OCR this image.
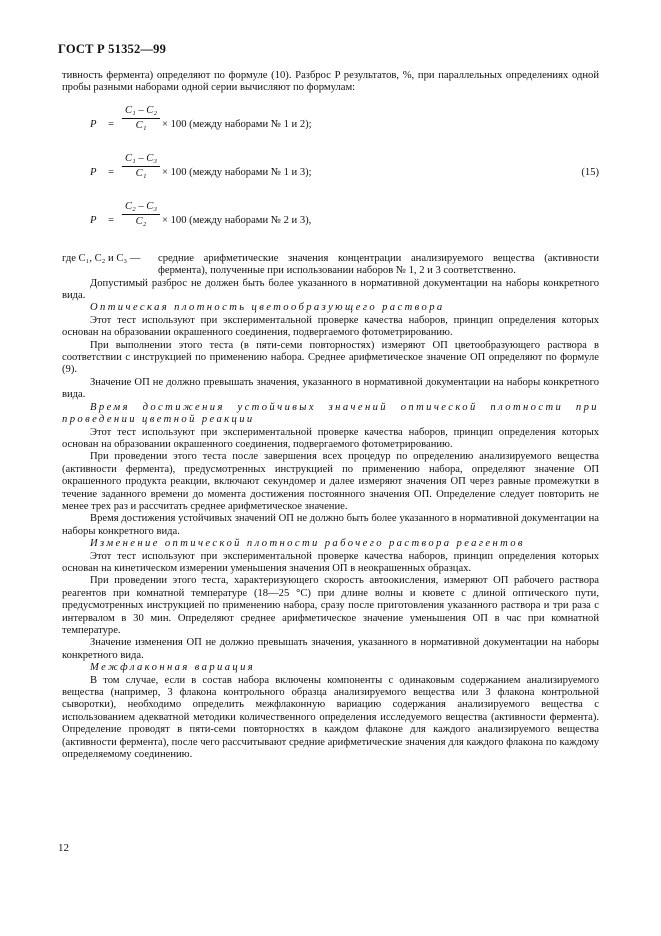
ГОСТ Р 51352—99

тивность фермента) определяют по формуле (10). Разброс P результатов, %, при параллельных определениях одной пробы разными наборами одной серии вычисляют по формулам:

$P = \frac{\text{C₁ – C₂}}{\text{C₁}} \times 100$ (между наборами № 1 и 2);
$P = \frac{\text{C₁ – C₃}}{\text{C₁}} \times 100$ (между наборами № 1 и 3);	(15)
$P = \frac{\text{C₂ – C₃}}{\text{C₂}} \times 100$ (между наборами № 2 и 3),
где C₁, C₂ и C₃ — средние арифметические значения концентрации анализируемого вещества (активности фермента), полученные при использовании наборов № 1, 2 и 3 соответственно.

Допустимый разброс не должен быть более указанного в нормативной документации на наборы конкретного вида.

Оптическая плотность цветообразующего раствора

Этот тест используют при экспериментальной проверке качества наборов, принцип определения которых основан на образовании окрашенного соединения, подвергаемого фотометрированию.

При выполнении этого теста (в пяти-семи повторностях) измеряют ОП цветообразующего раствора в соответствии с инструкцией по применению набора. Среднее арифметическое значение ОП определяют по формуле (9).

Значение ОП не должно превышать значения, указанного в нормативной документации на наборы конкретного вида.

Время достижения устойчивых значений оптической плотности при проведении цветной реакции

Этот тест используют при экспериментальной проверке качества наборов, принцип определения которых основан на образовании окрашенного соединения, подвергаемого фотометрированию.

При проведении этого теста после завершения всех процедур по определению анализируемого вещества (активности фермента), предусмотренных инструкцией по применению набора, определяют значение ОП окрашенного продукта реакции, включают секундомер и далее измеряют значения ОП через равные промежутки в течение заданного времени до момента достижения постоянного значения ОП. Определение следует повторить не менее трех раз и рассчитать среднее арифметическое значение.

Время достижения устойчивых значений ОП не должно быть более указанного в нормативной документации на наборы конкретного вида.

Изменение оптической плотности рабочего раствора реагентов

Этот тест используют при экспериментальной проверке качества наборов, принцип определения которых основан на кинетическом измерении уменьшения значения ОП в неокрашенных образцах.

При проведении этого теста, характеризующего скорость автоокисления, измеряют ОП рабочего раствора реагентов при комнатной температуре (18—25 °С) при длине волны и кювете с длиной оптического пути, предусмотренных инструкцией по применению набора, сразу после приготовления указанного раствора и три раза с интервалом в 30 мин. Определяют среднее арифметическое значение уменьшения ОП в час при комнатной температуре.

Значение изменения ОП не должно превышать значения, указанного в нормативной документации на наборы конкретного вида.

Межфлаконная вариация

В том случае, если в состав набора включены компоненты с одинаковым содержанием анализируемого вещества (например, 3 флакона контрольного образца анализируемого вещества или 3 флакона контрольной сыворотки), необходимо определить межфлаконную вариацию содержания анализируемого вещества с использованием адекватной методики количественного определения исследуемого вещества (активности фермента). Определение проводят в пяти-семи повторностях в каждом флаконе для каждого анализируемого вещества (активности фермента), после чего рассчитывают средние арифметические значения для каждого флакона по каждому определяемому соединению.

12
